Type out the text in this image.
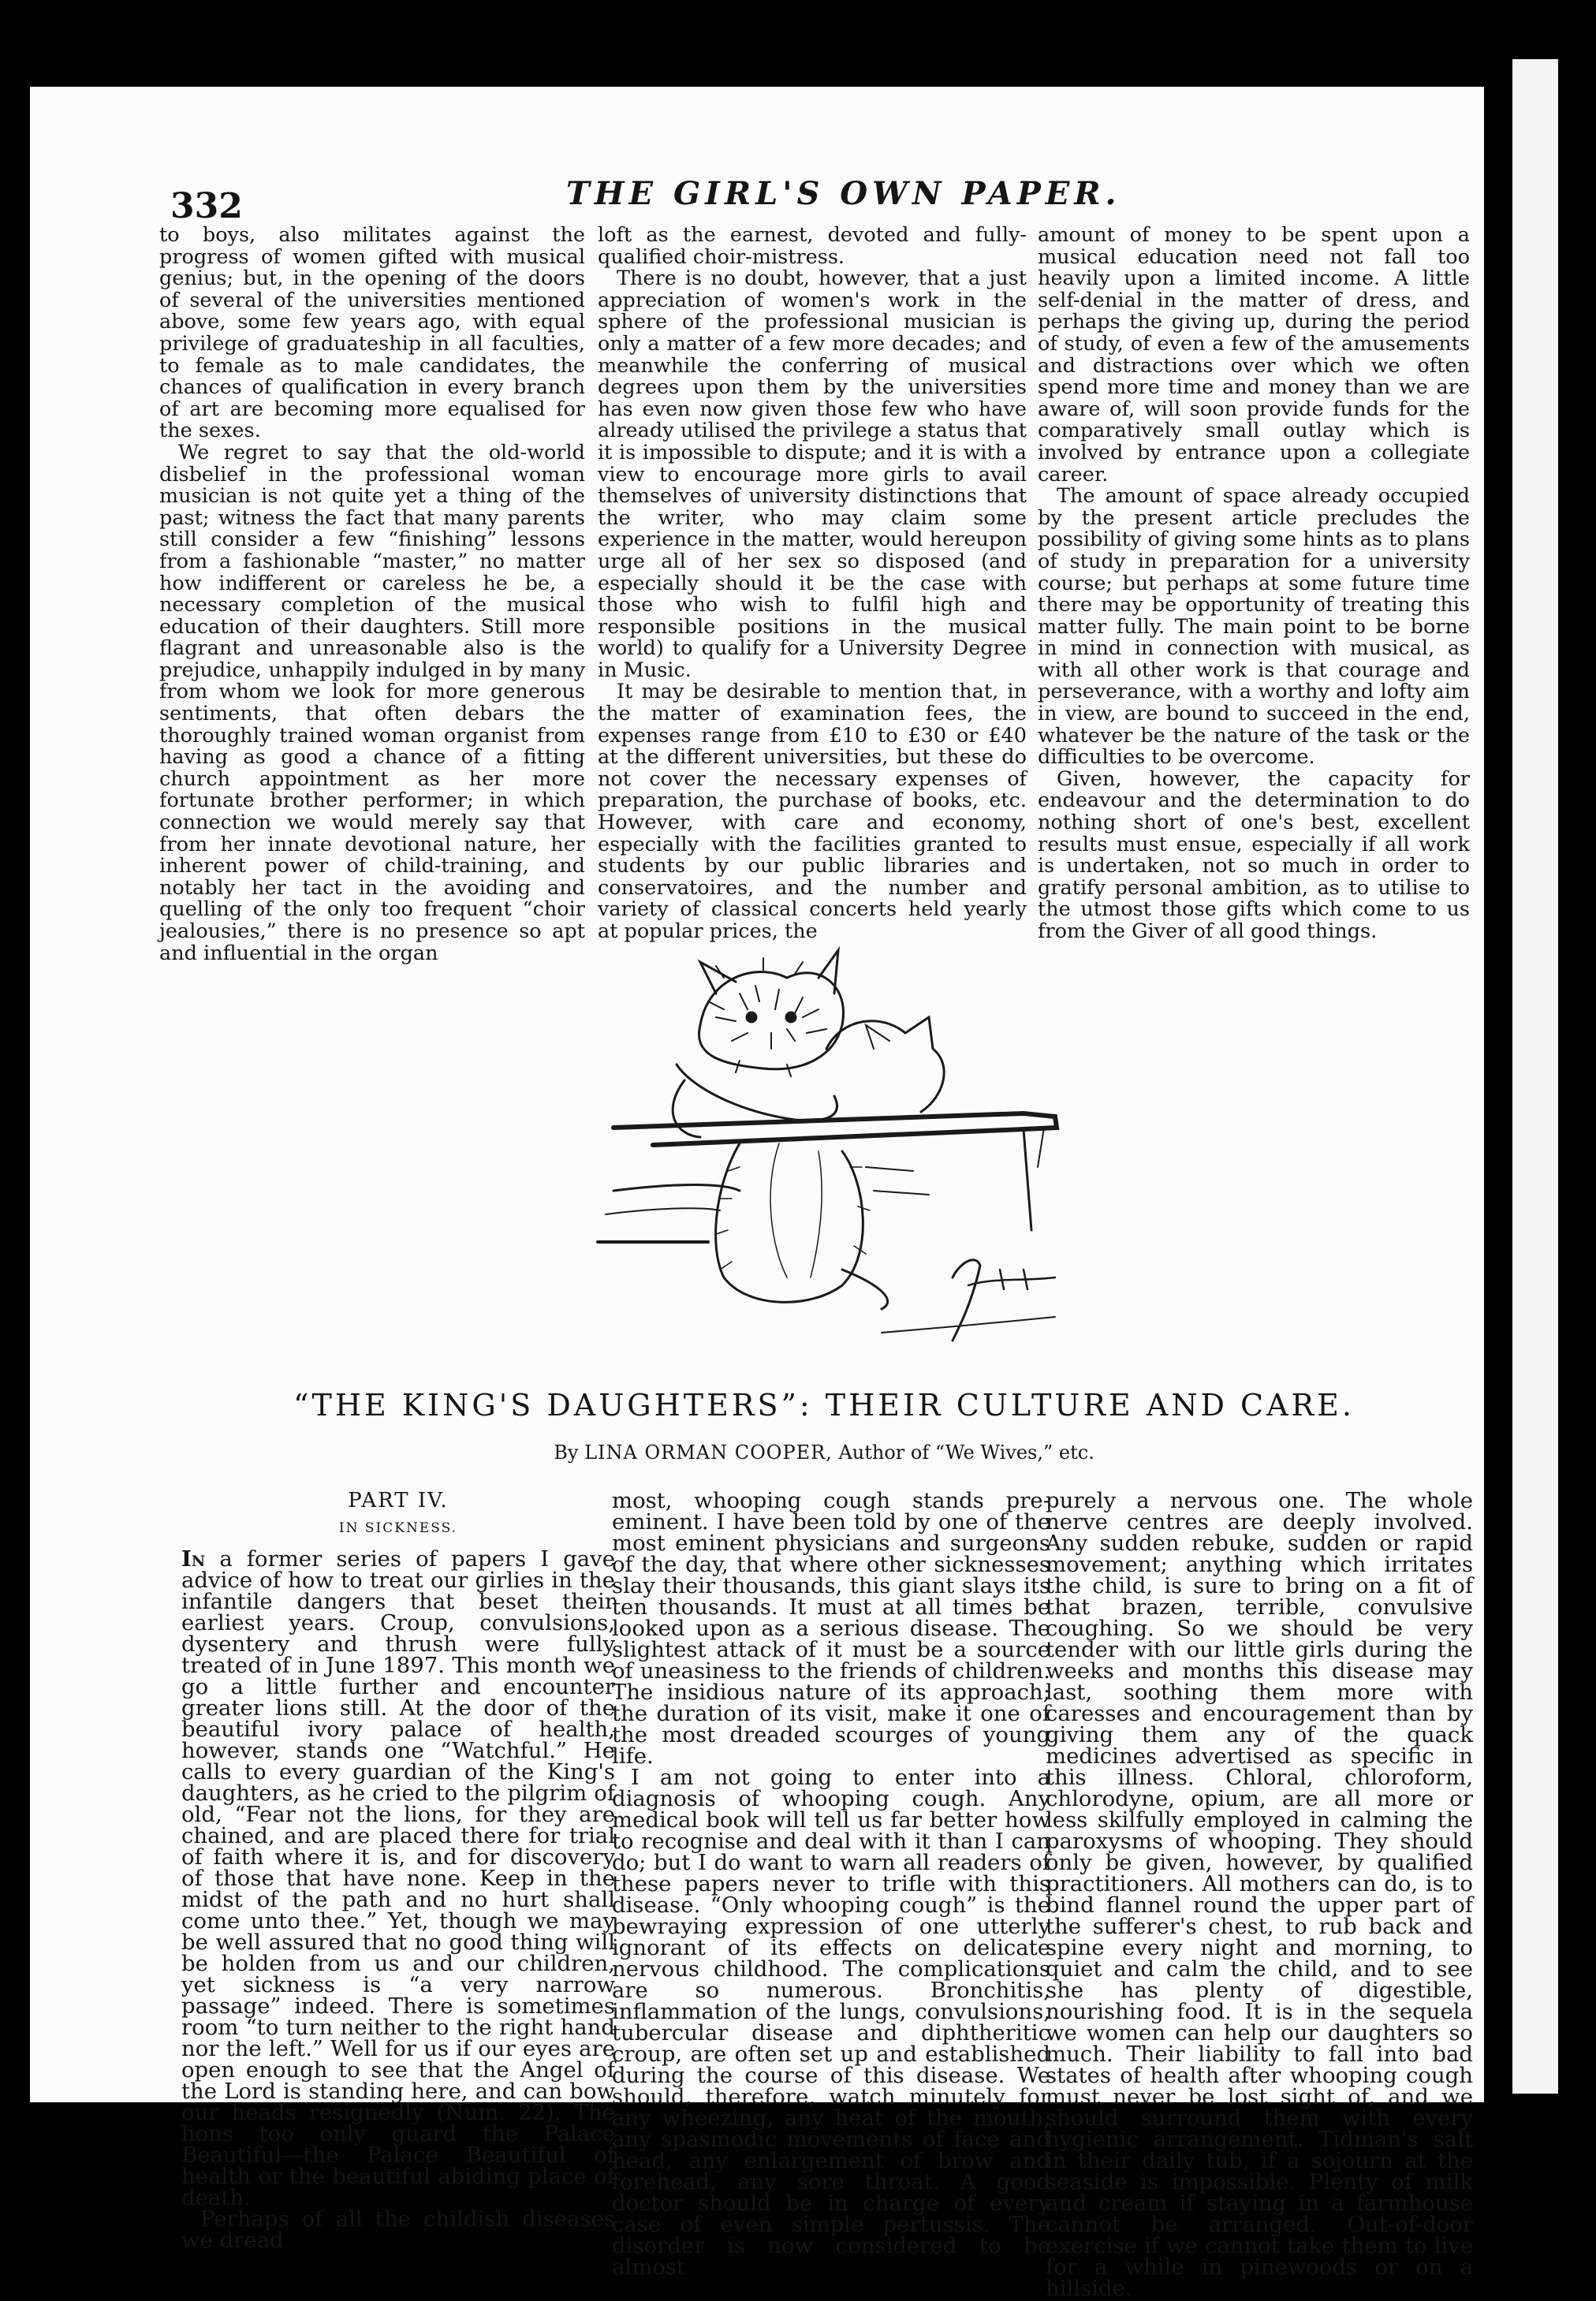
332	THE GIRL'S OWN PAPER.

to boys, also militates against the progress of women gifted with musical genius; but, in the opening of the doors of several of the universities mentioned above, some few years ago, with equal privilege of graduateship in all faculties, to female as to male candidates, the chances of qualification in every branch of art are becoming more equalised for the sexes.

We regret to say that the old-world disbelief in the professional woman musician is not quite yet a thing of the past; witness the fact that many parents still consider a few “finishing” lessons from a fashionable “master,” no matter how indifferent or careless he be, a necessary completion of the musical education of their daughters. Still more flagrant and unreasonable also is the prejudice, unhappily indulged in by many from whom we look for more generous sentiments, that often debars the thoroughly trained woman organist from having as good a chance of a fitting church appointment as her more fortunate brother performer; in which connection we would merely say that from her innate devotional nature, her inherent power of child-training, and notably her tact in the avoiding and quelling of the only too frequent “choir jealousies,” there is no presence so apt and influential in the organ

loft as the earnest, devoted and fully-qualified choir-mistress.

There is no doubt, however, that a just appreciation of women's work in the sphere of the professional musician is only a matter of a few more decades; and meanwhile the conferring of musical degrees upon them by the universities has even now given those few who have already utilised the privilege a status that it is impossible to dispute; and it is with a view to encourage more girls to avail themselves of university distinctions that the writer, who may claim some experience in the matter, would hereupon urge all of her sex so disposed (and especially should it be the case with those who wish to fulfil high and responsible positions in the musical world) to qualify for a University Degree in Music.

It may be desirable to mention that, in the matter of examination fees, the expenses range from £10 to £30 or £40 at the different universities, but these do not cover the necessary expenses of preparation, the purchase of books, etc. However, with care and economy, especially with the facilities granted to students by our public libraries and conservatoires, and the number and variety of classical concerts held yearly at popular prices, the

amount of money to be spent upon a musical education need not fall too heavily upon a limited income. A little self-denial in the matter of dress, and perhaps the giving up, during the period of study, of even a few of the amusements and distractions over which we often spend more time and money than we are aware of, will soon provide funds for the comparatively small outlay which is involved by entrance upon a collegiate career.

The amount of space already occupied by the present article precludes the possibility of giving some hints as to plans of study in preparation for a university course; but perhaps at some future time there may be opportunity of treating this matter fully. The main point to be borne in mind in connection with musical, as with all other work is that courage and perseverance, with a worthy and lofty aim in view, are bound to succeed in the end, whatever be the nature of the task or the difficulties to be overcome.

Given, however, the capacity for endeavour and the determination to do nothing short of one's best, excellent results must ensue, especially if all work is undertaken, not so much in order to gratify personal ambition, as to utilise to the utmost those gifts which come to us from the Giver of all good things.

“THE KING'S DAUGHTERS”: THEIR CULTURE AND CARE.
By LINA ORMAN COOPER, Author of “We Wives,” etc.
PART IV.
IN SICKNESS.

In a former series of papers I gave advice of how to treat our girlies in the infantile dangers that beset their earliest years. Croup, convulsions, dysentery and thrush were fully treated of in June 1897. This month we go a little further and encounter greater lions still. At the door of the beautiful ivory palace of health, however, stands one “Watchful.” He calls to every guardian of the King's daughters, as he cried to the pilgrim of old, “Fear not the lions, for they are chained, and are placed there for trial of faith where it is, and for discovery of those that have none. Keep in the midst of the path and no hurt shall come unto thee.” Yet, though we may be well assured that no good thing will be holden from us and our children, yet sickness is “a very narrow passage” indeed. There is sometimes room “to turn neither to the right hand nor the left.” Well for us if our eyes are open enough to see that the Angel of the Lord is standing here, and can bow our heads resignedly (Num. 22). The lions too only guard the Palace Beautiful—the Palace Beautiful of health or the beautiful abiding place of death.

Perhaps of all the childish diseases we dread

most, whooping cough stands pre-eminent. I have been told by one of the most eminent physicians and surgeons of the day, that where other sicknesses slay their thousands, this giant slays its ten thousands. It must at all times be looked upon as a serious disease. The slightest attack of it must be a source of uneasiness to the friends of children. The insidious nature of its approach; the duration of its visit, make it one of the most dreaded scourges of young life.

I am not going to enter into a diagnosis of whooping cough. Any medical book will tell us far better how to recognise and deal with it than I can do; but I do want to warn all readers of these papers never to trifle with this disease. “Only whooping cough” is the bewraying expression of one utterly ignorant of its effects on delicate nervous childhood. The complications are so numerous. Bronchitis, inflammation of the lungs, convulsions, tubercular disease and diphtheritic croup, are often set up and established during the course of this disease. We should, therefore, watch minutely for any wheezing, any heat of the mouth, any spasmodic movements of face and head, any enlargement of brow and forehead, any sore throat. A good doctor should be in charge of every case of even simple pertussis. The disorder is now considered to be almost

purely a nervous one. The whole nerve centres are deeply involved. Any sudden rebuke, sudden or rapid movement; anything which irritates the child, is sure to bring on a fit of that brazen, terrible, convulsive coughing. So we should be very tender with our little girls during the weeks and months this disease may last, soothing them more with caresses and encouragement than by giving them any of the quack medicines advertised as specific in this illness. Chloral, chloroform, chlorodyne, opium, are all more or less skilfully employed in calming the paroxysms of whooping. They should only be given, however, by qualified practitioners. All mothers can do, is to bind flannel round the upper part of the sufferer's chest, to rub back and spine every night and morning, to quiet and calm the child, and to see she has plenty of digestible, nourishing food. It is in the sequela we women can help our daughters so much. Their liability to fall into bad states of health after whooping cough must never be lost sight of, and we should surround them with every hygienic arrangement. Tidman's salt in their daily tub, if a sojourn at the seaside is impossible. Plenty of milk and cream if staying in a farmhouse cannot be arranged. Out-of-door exercise if we cannot take them to live for a while in pinewoods or on a hillside.
